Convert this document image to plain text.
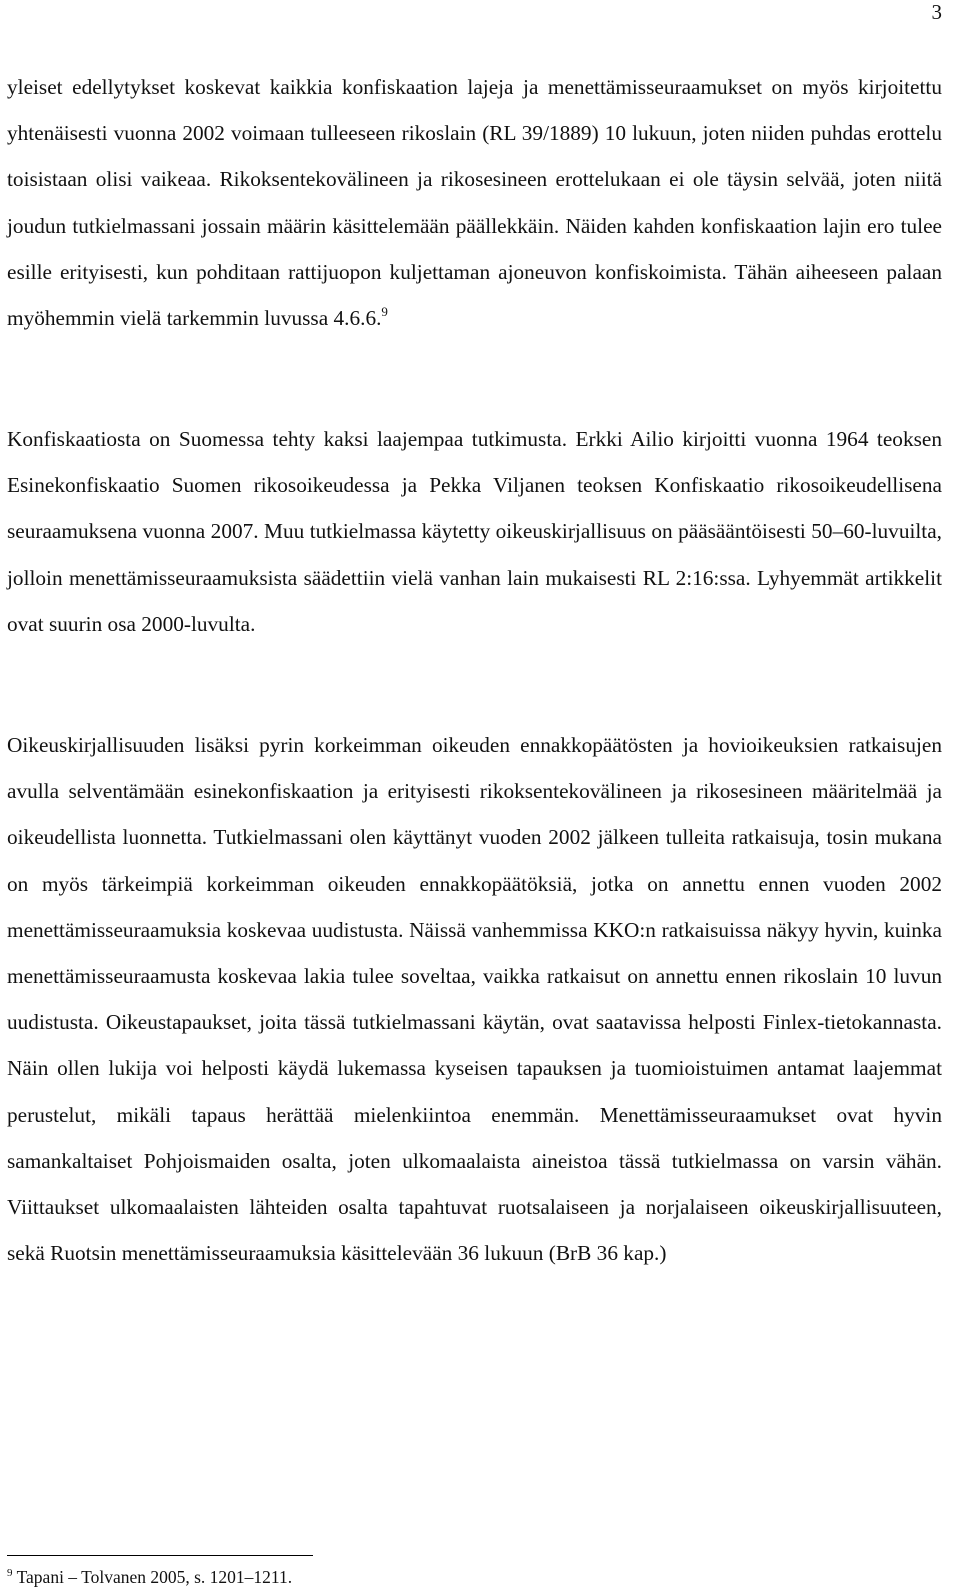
3

yleiset edellytykset koskevat kaikkia konfiskaation lajeja ja menettämisseuraamukset on myös kirjoitettu yhtenäisesti vuonna 2002 voimaan tulleeseen rikoslain (RL 39/1889) 10 lukuun, joten niiden puhdas erottelu toisistaan olisi vaikeaa. Rikoksentekovälineen ja rikosesineen erottelukaan ei ole täysin selvää, joten niitä joudun tutkielmassani jossain määrin käsittelemään päällekkäin. Näiden kahden konfiskaation lajin ero tulee esille erityisesti, kun pohditaan rattijuopon kuljettaman ajoneuvon konfiskoimista. Tähän aiheeseen palaan myöhemmin vielä tarkemmin luvussa 4.6.6.$^9$

Konfiskaatiosta on Suomessa tehty kaksi laajempaa tutkimusta. Erkki Ailio kirjoitti vuonna 1964 teoksen Esinekonfiskaatio Suomen rikosoikeudessa ja Pekka Viljanen teoksen Konfiskaatio rikosoikeudellisena seuraamuksena vuonna 2007. Muu tutkielmassa käytetty oikeuskirjallisuus on pääsääntöisesti 50–60-luvuilta, jolloin menettämisseuraamuksista säädettiin vielä vanhan lain mukaisesti RL 2:16:ssa. Lyhyemmät artikkelit ovat suurin osa 2000-luvulta.

Oikeuskirjallisuuden lisäksi pyrin korkeimman oikeuden ennakkopäätösten ja hovioikeuksien ratkaisujen avulla selventämään esinekonfiskaation ja erityisesti rikoksentekovälineen ja rikosesineen määritelmää ja oikeudellista luonnetta. Tutkielmassani olen käyttänyt vuoden 2002 jälkeen tulleita ratkaisuja, tosin mukana on myös tärkeimpiä korkeimman oikeuden ennakkopäätöksiä, jotka on annettu ennen vuoden 2002 menettämisseuraamuksia koskevaa uudistusta. Näissä vanhemmissa KKO:n ratkaisuissa näkyy hyvin, kuinka menettämisseuraamusta koskevaa lakia tulee soveltaa, vaikka ratkaisut on annettu ennen rikoslain 10 luvun uudistusta. Oikeustapaukset, joita tässä tutkielmassani käytän, ovat saatavissa helposti Finlex-tietokannasta. Näin ollen lukija voi helposti käydä lukemassa kyseisen tapauksen ja tuomioistuimen antamat laajemmat perustelut, mikäli tapaus herättää mielenkiintoa enemmän. Menettämisseuraamukset ovat hyvin samankaltaiset Pohjoismaiden osalta, joten ulkomaalaista aineistoa tässä tutkielmassa on varsin vähän. Viittaukset ulkomaalaisten lähteiden osalta tapahtuvat ruotsalaiseen ja norjalaiseen oikeuskirjallisuuteen, sekä Ruotsin menettämisseuraamuksia käsittelevään 36 lukuun (BrB 36 kap.)

$^9$ Tapani – Tolvanen 2005, s. 1201–1211.
